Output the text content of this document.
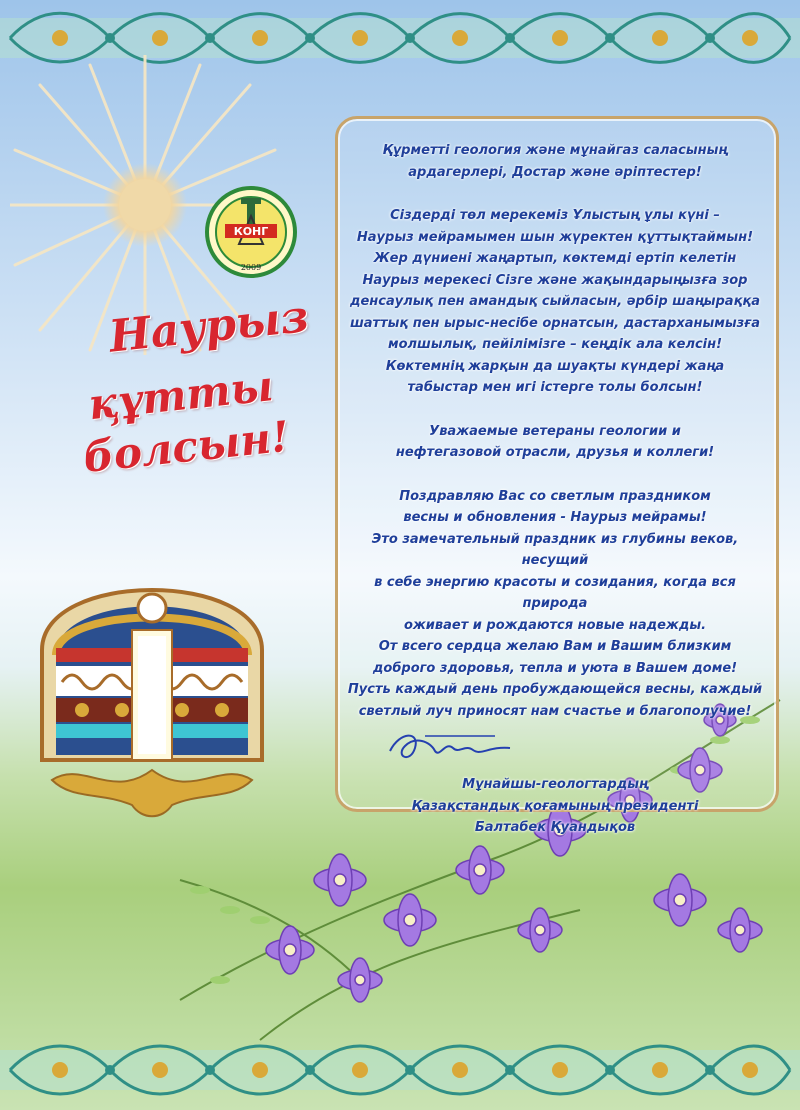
КОНГ
2009
Наурыз
құтты болсын!

Құрметті геология және мұнайгаз саласының

ардагерлері, Достар және әріптестер!

Сіздерді төл мерекеміз Ұлыстың ұлы күні –

Наурыз мейрамымен шын жүректен құттықтаймын!

Жер дүниені жаңартып, көктемді ертіп келетін

Наурыз мерекесі Сізге және жақындарыңызға зор

денсаулық пен амандық сыйласын, әрбір шаңыраққа

шаттық пен ырыс-несібе орнатсын, дастарханымызға

молшылық, пейілімізге – кеңдік ала келсін!

Көктемнің жарқын да шуақты күндері жаңа

табыстар мен игі істерге толы болсын!

Уважаемые ветераны геологии и

нефтегазовой отрасли, друзья и коллеги!

Поздравляю Вас со светлым праздником

весны и обновления - Наурыз мейрамы!

Это замечательный праздник из глубины веков, несущий

в себе энергию красоты и созидания, когда вся природа

оживает и рождаются новые надежды.

От всего сердца желаю Вам и Вашим близким

доброго здоровья, тепла и уюта в Вашем доме!

Пусть каждый день пробуждающейся весны, каждый

светлый луч приносят нам счастье и благополучие!

Мұнайшы-геологтардың

Қазақстандық қоғамының президенті

Балтабек Қуандықов
